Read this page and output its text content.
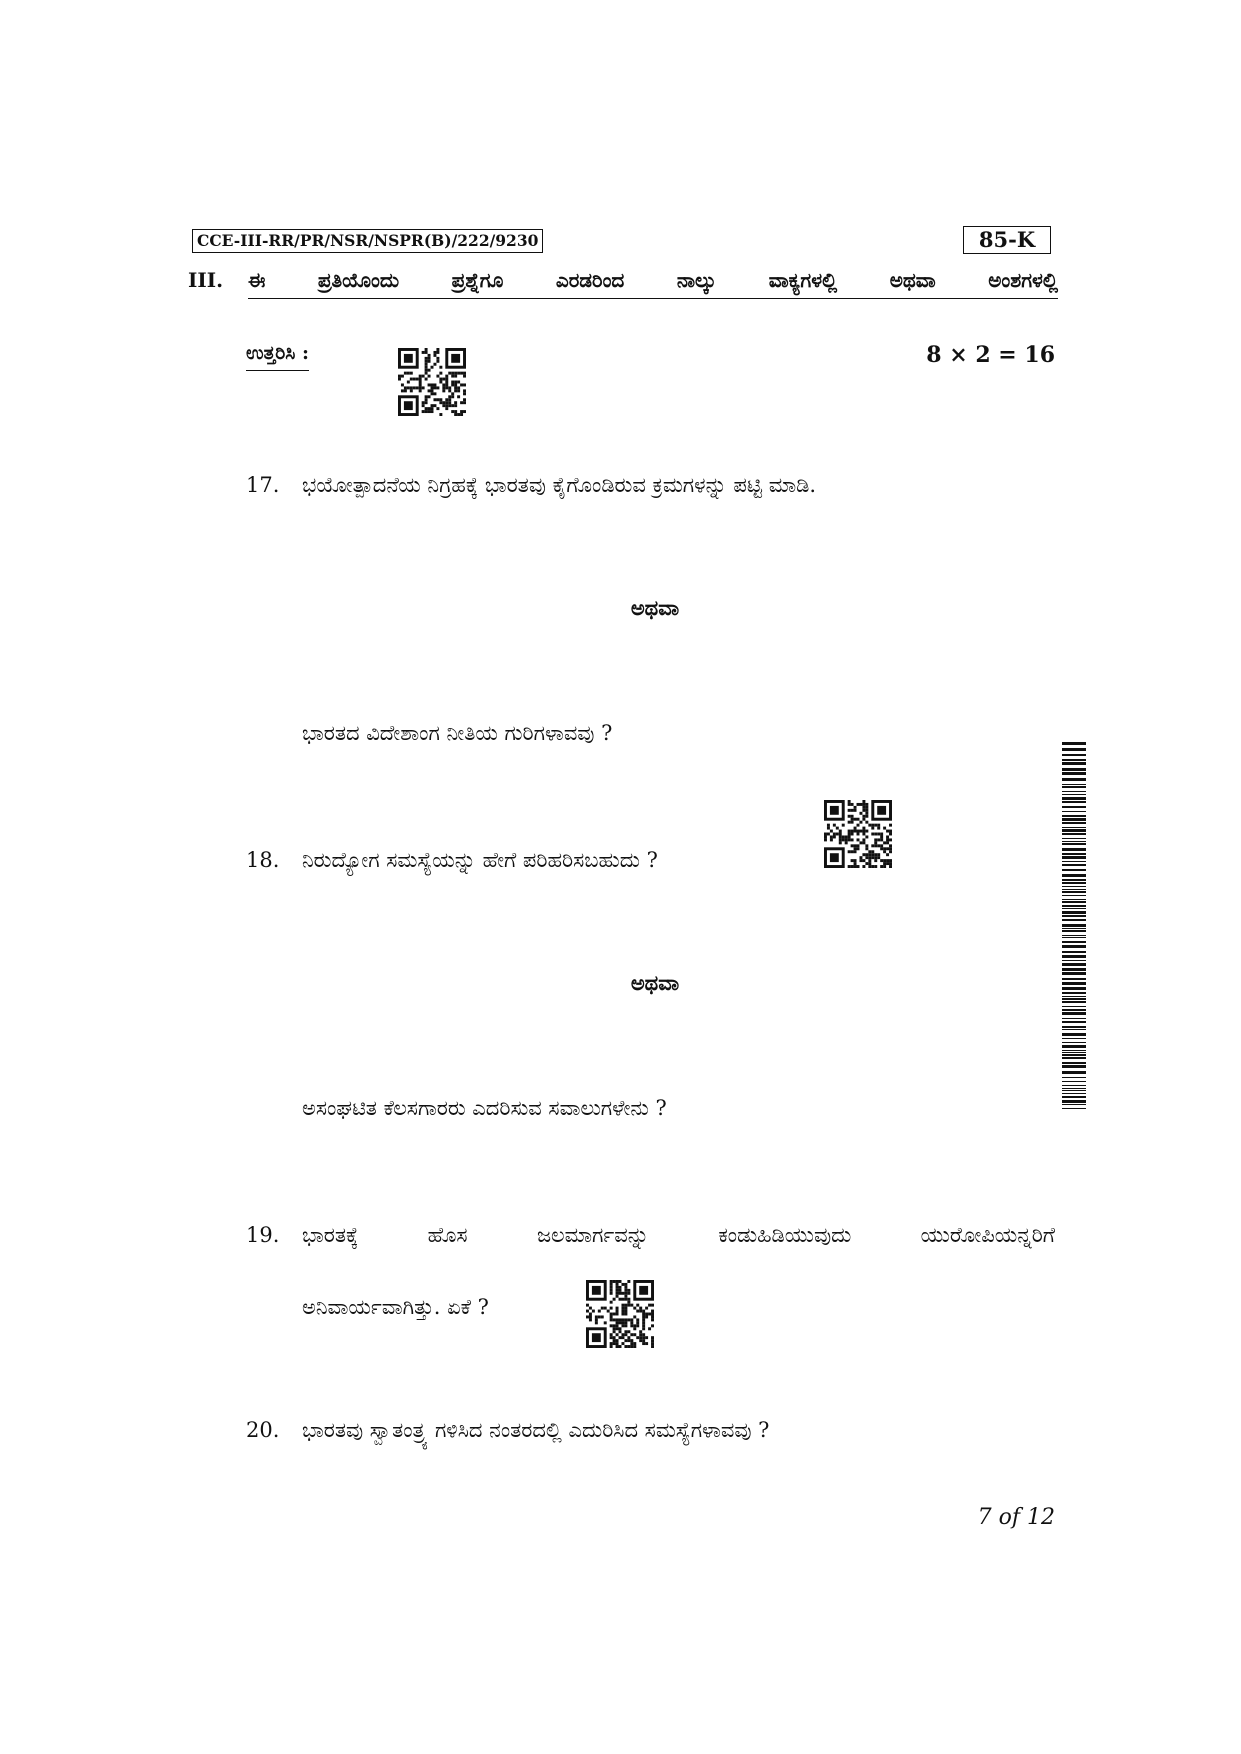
CCE-III-RR/PR/NSR/NSPR(B)/222/9230	85-K
III.	ಈ ಪ್ರತಿಯೊಂದು ಪ್ರಶ್ನೆಗೂ ಎರಡರಿಂದ ನಾಲ್ಕು ವಾಕ್ಯಗಳಲ್ಲಿ ಅಥವಾ ಅಂಶಗಳಲ್ಲಿ
ಉತ್ತರಿಸಿ :	8 × 2 = 16
17. ಭಯೋತ್ಪಾದನೆಯ ನಿಗ್ರಹಕ್ಕೆ ಭಾರತವು ಕೈಗೊಂಡಿರುವ ಕ್ರಮಗಳನ್ನು ಪಟ್ಟಿ ಮಾಡಿ.
ಅಥವಾ
ಭಾರತದ ವಿದೇಶಾಂಗ ನೀತಿಯ ಗುರಿಗಳಾವವು ?
18. ನಿರುದ್ಯೋಗ ಸಮಸ್ಯೆಯನ್ನು ಹೇಗೆ ಪರಿಹರಿಸಬಹುದು ?
ಅಥವಾ
ಅಸಂಘಟಿತ ಕೆಲಸಗಾರರು ಎದರಿಸುವ ಸವಾಲುಗಳೇನು ?
19. ಭಾರತಕ್ಕೆ ಹೊಸ ಜಲಮಾರ್ಗವನ್ನು ಕಂಡುಹಿಡಿಯುವುದು ಯುರೋಪಿಯನ್ನರಿಗೆ
ಅನಿವಾರ್ಯವಾಗಿತ್ತು. ಏಕೆ ?
20. ಭಾರತವು ಸ್ವಾತಂತ್ರ್ಯ ಗಳಿಸಿದ ನಂತರದಲ್ಲಿ ಎದುರಿಸಿದ ಸಮಸ್ಯೆಗಳಾವವು ?
7 of 12
